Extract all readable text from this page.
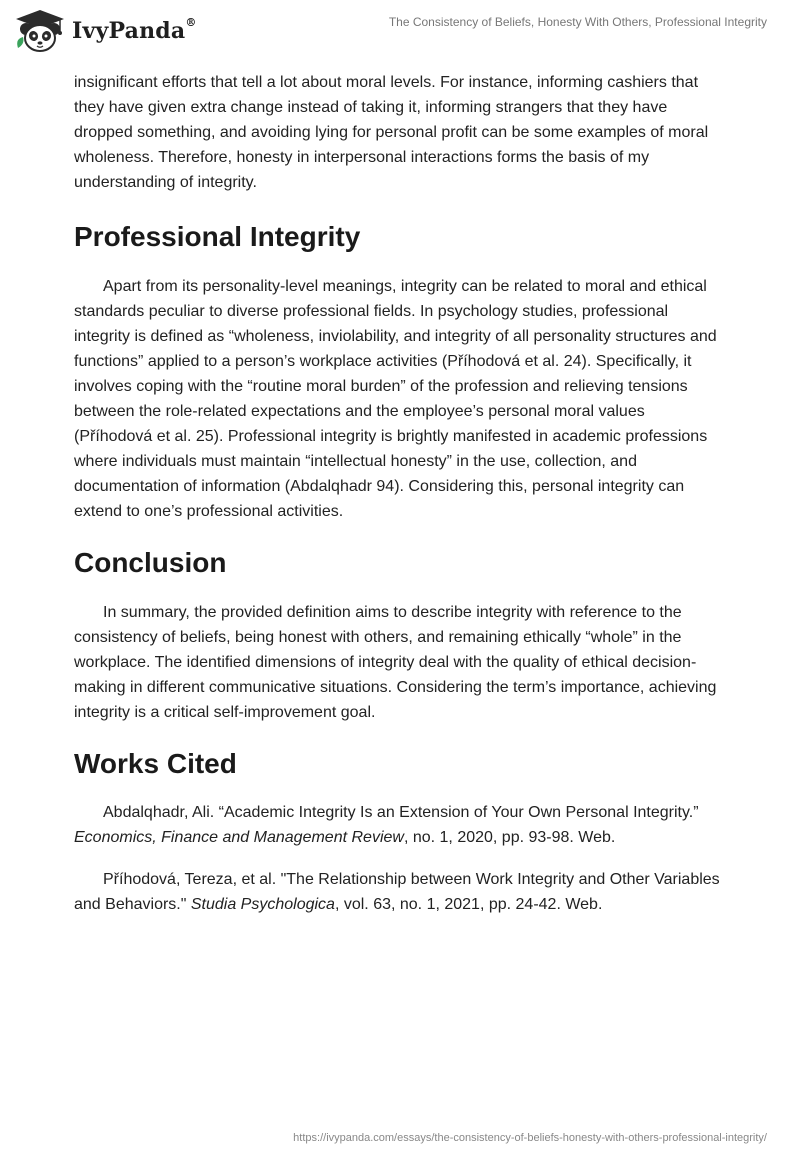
IvyPanda®	The Consistency of Beliefs, Honesty With Others, Professional Integrity

insignificant efforts that tell a lot about moral levels. For instance, informing cashiers that they have given extra change instead of taking it, informing strangers that they have dropped something, and avoiding lying for personal profit can be some examples of moral wholeness. Therefore, honesty in interpersonal interactions forms the basis of my understanding of integrity.

Professional Integrity

Apart from its personality-level meanings, integrity can be related to moral and ethical standards peculiar to diverse professional fields. In psychology studies, professional integrity is defined as “wholeness, inviolability, and integrity of all personality structures and functions” applied to a person’s workplace activities (Příhodová et al. 24). Specifically, it involves coping with the “routine moral burden” of the profession and relieving tensions between the role-related expectations and the employee’s personal moral values (Příhodová et al. 25). Professional integrity is brightly manifested in academic professions where individuals must maintain “intellectual honesty” in the use, collection, and documentation of information (Abdalqhadr 94). Considering this, personal integrity can extend to one’s professional activities.

Conclusion

In summary, the provided definition aims to describe integrity with reference to the consistency of beliefs, being honest with others, and remaining ethically “whole” in the workplace. The identified dimensions of integrity deal with the quality of ethical decision-making in different communicative situations. Considering the term’s importance, achieving integrity is a critical self-improvement goal.

Works Cited

Abdalqhadr, Ali. “Academic Integrity Is an Extension of Your Own Personal Integrity.” Economics, Finance and Management Review, no. 1, 2020, pp. 93-98. Web.

Příhodová, Tereza, et al. "The Relationship between Work Integrity and Other Variables and Behaviors." Studia Psychologica, vol. 63, no. 1, 2021, pp. 24-42. Web.

https://ivypanda.com/essays/the-consistency-of-beliefs-honesty-with-others-professional-integrity/
